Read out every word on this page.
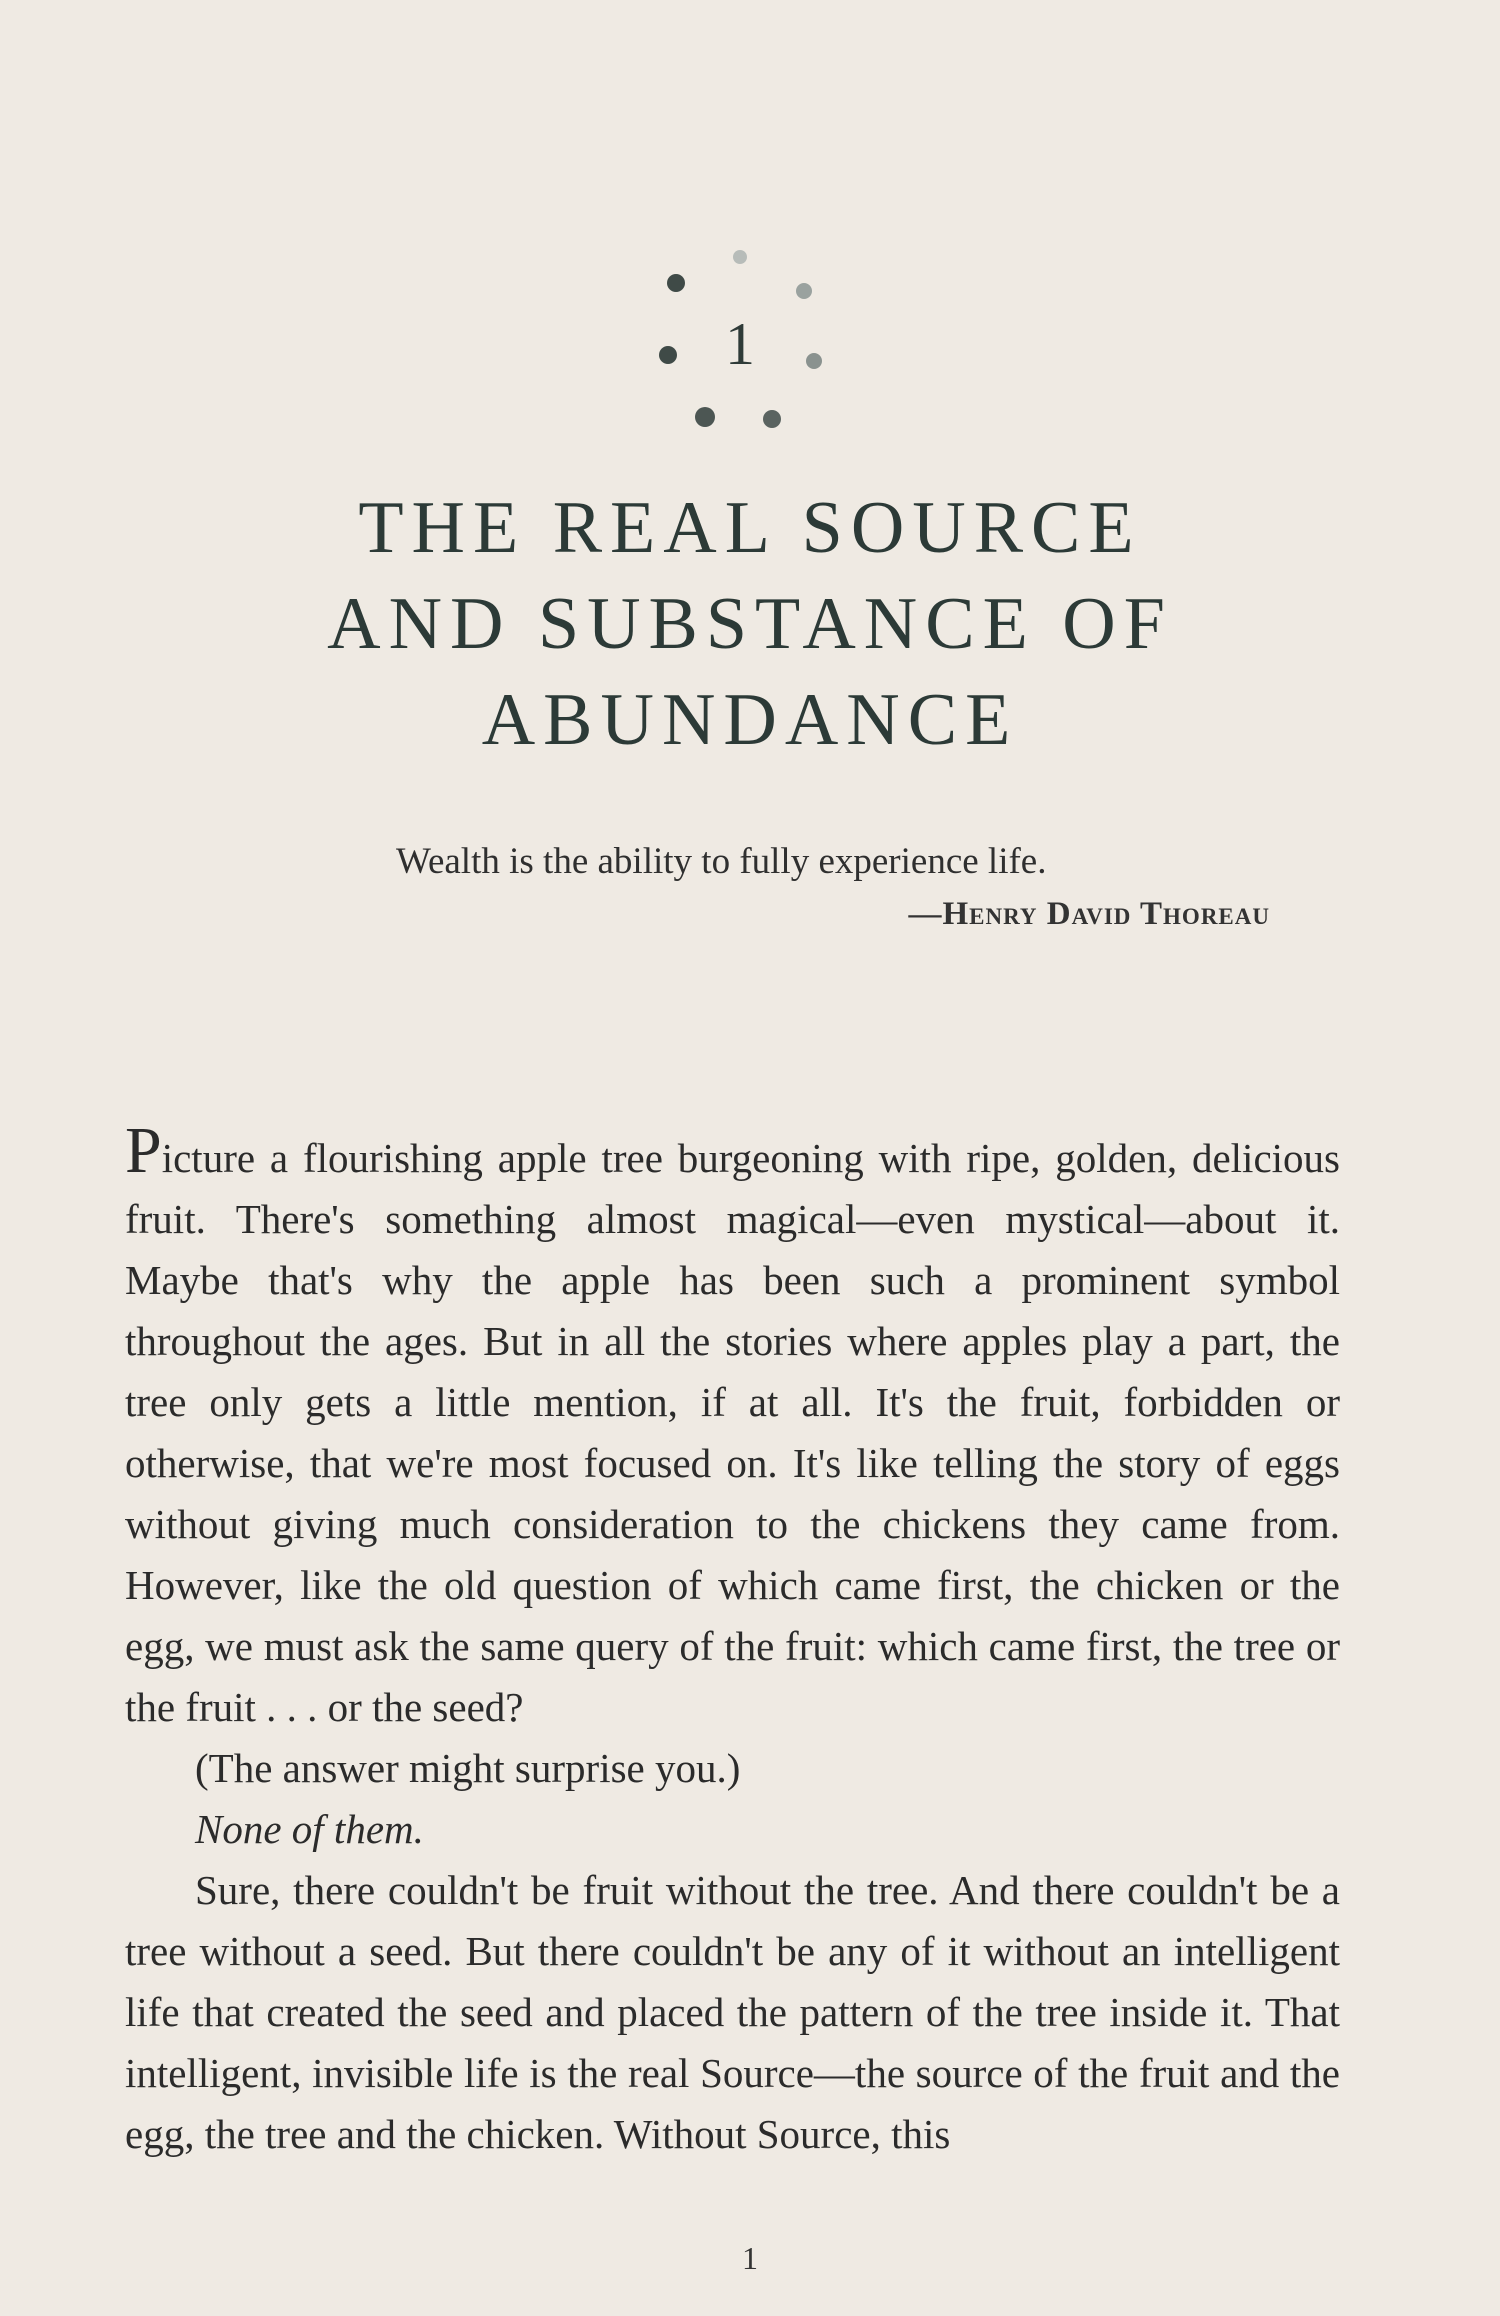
1
THE REAL SOURCE
AND SUBSTANCE OF
ABUNDANCE
Wealth is the ability to fully experience life.
—Henry David Thoreau

Picture a flourishing apple tree burgeoning with ripe, golden, delicious fruit. There's something almost magical—even mystical—about it. Maybe that's why the apple has been such a prominent symbol throughout the ages. But in all the stories where apples play a part, the tree only gets a little mention, if at all. It's the fruit, forbidden or otherwise, that we're most focused on. It's like telling the story of eggs without giving much consideration to the chickens they came from. However, like the old question of which came first, the chicken or the egg, we must ask the same query of the fruit: which came first, the tree or the fruit . . . or the seed?

(The answer might surprise you.)

None of them.

Sure, there couldn't be fruit without the tree. And there couldn't be a tree without a seed. But there couldn't be any of it without an intelligent life that created the seed and placed the pattern of the tree inside it. That intelligent, invisible life is the real Source—the source of the fruit and the egg, the tree and the chicken. Without Source, this

1
